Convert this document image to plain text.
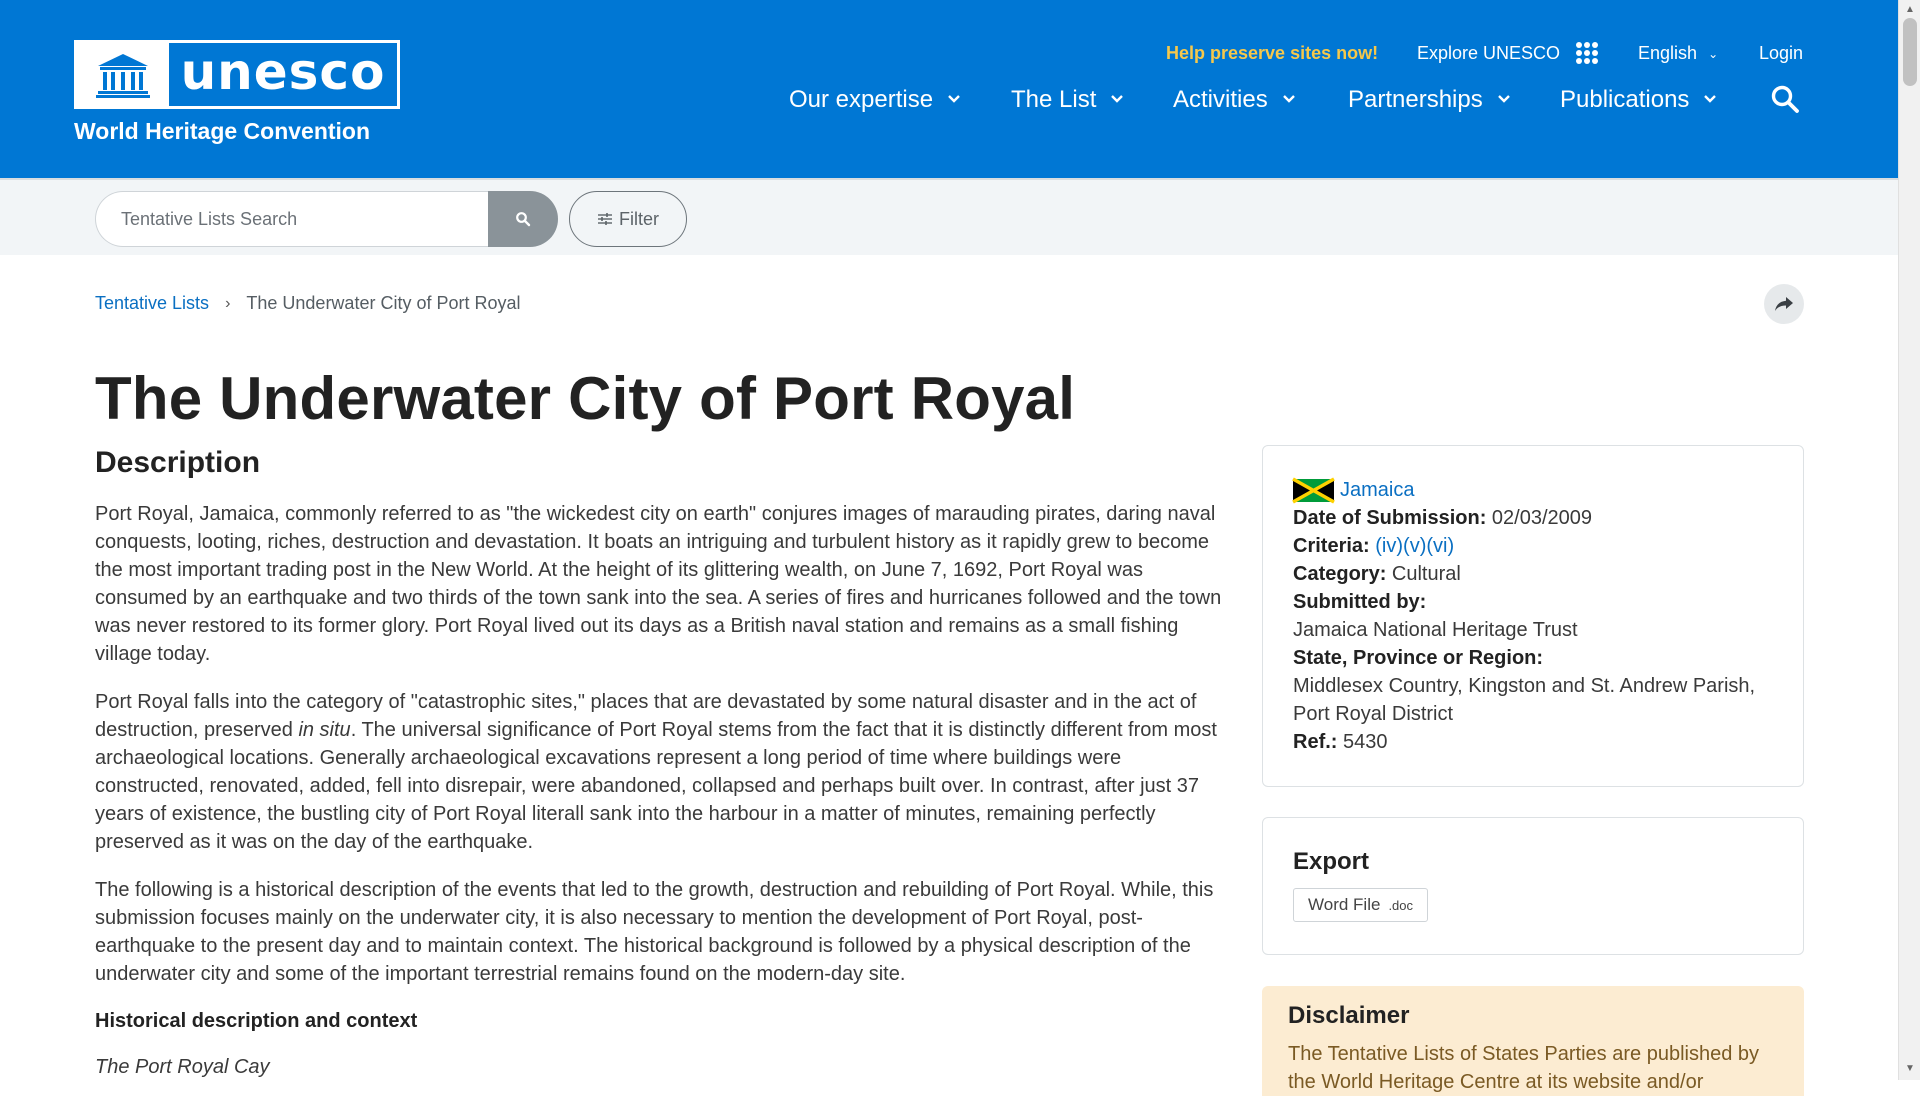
unesco
World Heritage Convention
Help preserve sites now! Explore UNESCO	English ⌄ Login
Our expertise	The List	Activities	Partnerships	Publications
Tentative Lists Search	Filter
Tentative Lists › The Underwater City of Port Royal
The Underwater City of Port Royal
Description

Port Royal, Jamaica, commonly referred to as "the wickedest city on earth" conjures images of marauding pirates, daring naval conquests, looting, riches, destruction and devastation. It boats an intriguing and turbulent history as it rapidly grew to become the most important trading post in the New World. At the height of its glittering wealth, on June 7, 1692, Port Royal was consumed by an earthquake and two thirds of the town sank into the sea. A series of fires and hurricanes followed and the town was never restored to its former glory. Port Royal lived out its days as a British naval station and remains as a small fishing village today.

Port Royal falls into the category of "catastrophic sites," places that are devastated by some natural disaster and in the act of destruction, preserved in situ. The universal significance of Port Royal stems from the fact that it is distinctly different from most archaeological locations. Generally archaeological excavations represent a long period of time where buildings were constructed, renovated, added, fell into disrepair, were abandoned, collapsed and perhaps built over. In contrast, after just 37 years of existence, the bustling city of Port Royal literall sank into the harbour in a matter of minutes, remaining perfectly preserved as it was on the day of the earthquake.

The following is a historical description of the events that led to the growth, destruction and rebuilding of Port Royal. While, this submission focuses mainly on the underwater city, it is also necessary to mention the development of Port Royal, post-earthquake to the present day and to maintain context. The historical background is followed by a physical description of the underwater city and some of the important terrestrial remains found on the modern-day site.

Historical description and context
The Port Royal Cay
Jamaica
Date of Submission: 02/03/2009
Criteria: (iv)(v)(vi)
Category: Cultural
Submitted by:
Jamaica National Heritage Trust
State, Province or Region:
Middlesex Country, Kingston and St. Andrew Parish, Port Royal District
Ref.: 5430
Export
Word File .doc
Disclaimer
The Tentative Lists of States Parties are published by the World Heritage Centre at its website and/or
▲
▼
